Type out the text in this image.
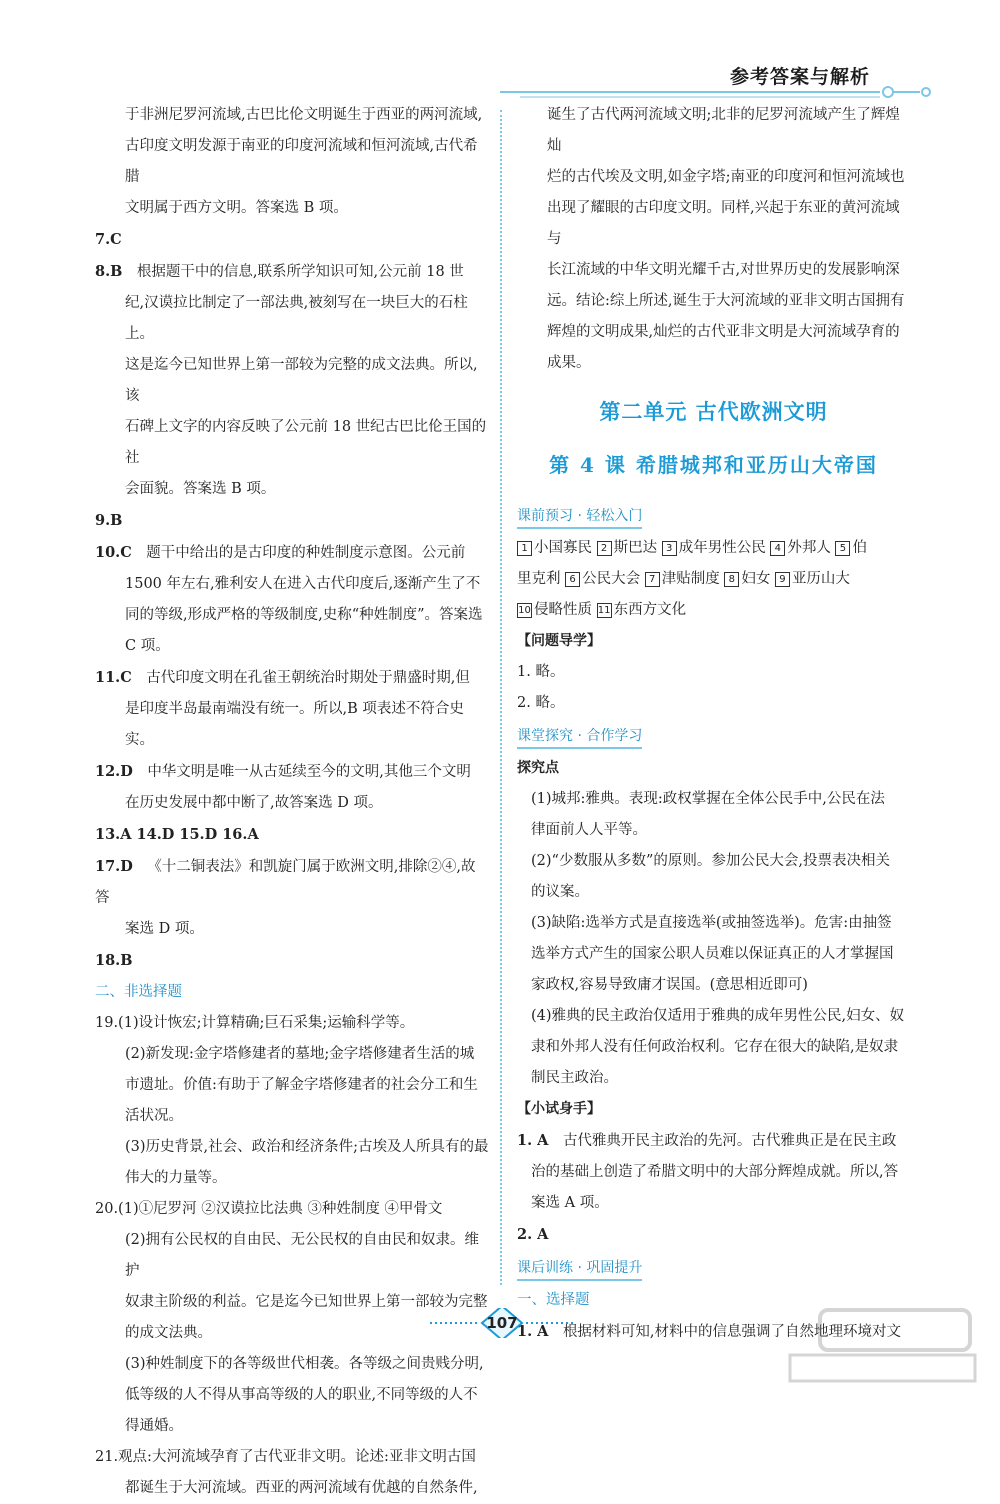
参考答案与解析
于非洲尼罗河流域,古巴比伦文明诞生于西亚的两河流域,
古印度文明发源于南亚的印度河流域和恒河流域,古代希腊
文明属于西方文明。答案选 B 项。
7.C
8.B  根据题干中的信息,联系所学知识可知,公元前 18 世
纪,汉谟拉比制定了一部法典,被刻写在一块巨大的石柱上。
这是迄今已知世界上第一部较为完整的成文法典。所以,该
石碑上文字的内容反映了公元前 18 世纪古巴比伦王国的社
会面貌。答案选 B 项。
9.B
10.C  题干中给出的是古印度的种姓制度示意图。公元前
1500 年左右,雅利安人在进入古代印度后,逐渐产生了不
同的等级,形成严格的等级制度,史称“种姓制度”。答案选
C 项。
11.C  古代印度文明在孔雀王朝统治时期处于鼎盛时期,但
是印度半岛最南端没有统一。所以,B 项表述不符合史实。
12.D  中华文明是唯一从古延续至今的文明,其他三个文明
在历史发展中都中断了,故答案选 D 项。
13.A 14.D 15.D 16.A
17.D  《十二铜表法》和凯旋门属于欧洲文明,排除②④,故答
案选 D 项。
18.B
二、非选择题
19.(1)设计恢宏;计算精确;巨石采集;运输科学等。
(2)新发现:金字塔修建者的墓地;金字塔修建者生活的城
市遗址。价值:有助于了解金字塔修建者的社会分工和生
活状况。
(3)历史背景,社会、政治和经济条件;古埃及人所具有的最
伟大的力量等。
20.(1)①尼罗河 ②汉谟拉比法典 ③种姓制度 ④甲骨文
(2)拥有公民权的自由民、无公民权的自由民和奴隶。维护
奴隶主阶级的利益。它是迄今已知世界上第一部较为完整
的成文法典。
(3)种姓制度下的各等级世代相袭。各等级之间贵贱分明,
低等级的人不得从事高等级的人的职业,不同等级的人不
得通婚。
21.观点:大河流域孕育了古代亚非文明。论述:亚非文明古国
都诞生于大河流域。西亚的两河流域有优越的自然条件,
诞生了古代两河流域文明;北非的尼罗河流域产生了辉煌灿
烂的古代埃及文明,如金字塔;南亚的印度河和恒河流域也
出现了耀眼的古印度文明。同样,兴起于东亚的黄河流域与
长江流域的中华文明光耀千古,对世界历史的发展影响深
远。结论:综上所述,诞生于大河流域的亚非文明古国拥有
辉煌的文明成果,灿烂的古代亚非文明是大河流域孕育的
成果。
第二单元 古代欧洲文明
第 4 课 希腊城邦和亚历山大帝国
课前预习 · 轻松入门
1 小国寡民 2 斯巴达 3 成年男性公民 4 外邦人 5 伯
里克利 6 公民大会 7 津贴制度 8 妇女 9 亚历山大
10 侵略性质 11 东西方文化
【问题导学】
1. 略。
2. 略。
课堂探究 · 合作学习
探究点
(1)城邦:雅典。表现:政权掌握在全体公民手中,公民在法
律面前人人平等。
(2)“少数服从多数”的原则。参加公民大会,投票表决相关
的议案。
(3)缺陷:选举方式是直接选举(或抽签选举)。危害:由抽签
选举方式产生的国家公职人员难以保证真正的人才掌握国
家政权,容易导致庸才误国。(意思相近即可)
(4)雅典的民主政治仅适用于雅典的成年男性公民,妇女、奴
隶和外邦人没有任何政治权利。它存在很大的缺陷,是奴隶
制民主政治。
【小试身手】
1. A  古代雅典开民主政治的先河。古代雅典正是在民主政
治的基础上创造了希腊文明中的大部分辉煌成就。所以,答
案选 A 项。
2. A
课后训练 · 巩固提升
一、选择题
1. A  根据材料可知,材料中的信息强调了自然地理环境对文
107
